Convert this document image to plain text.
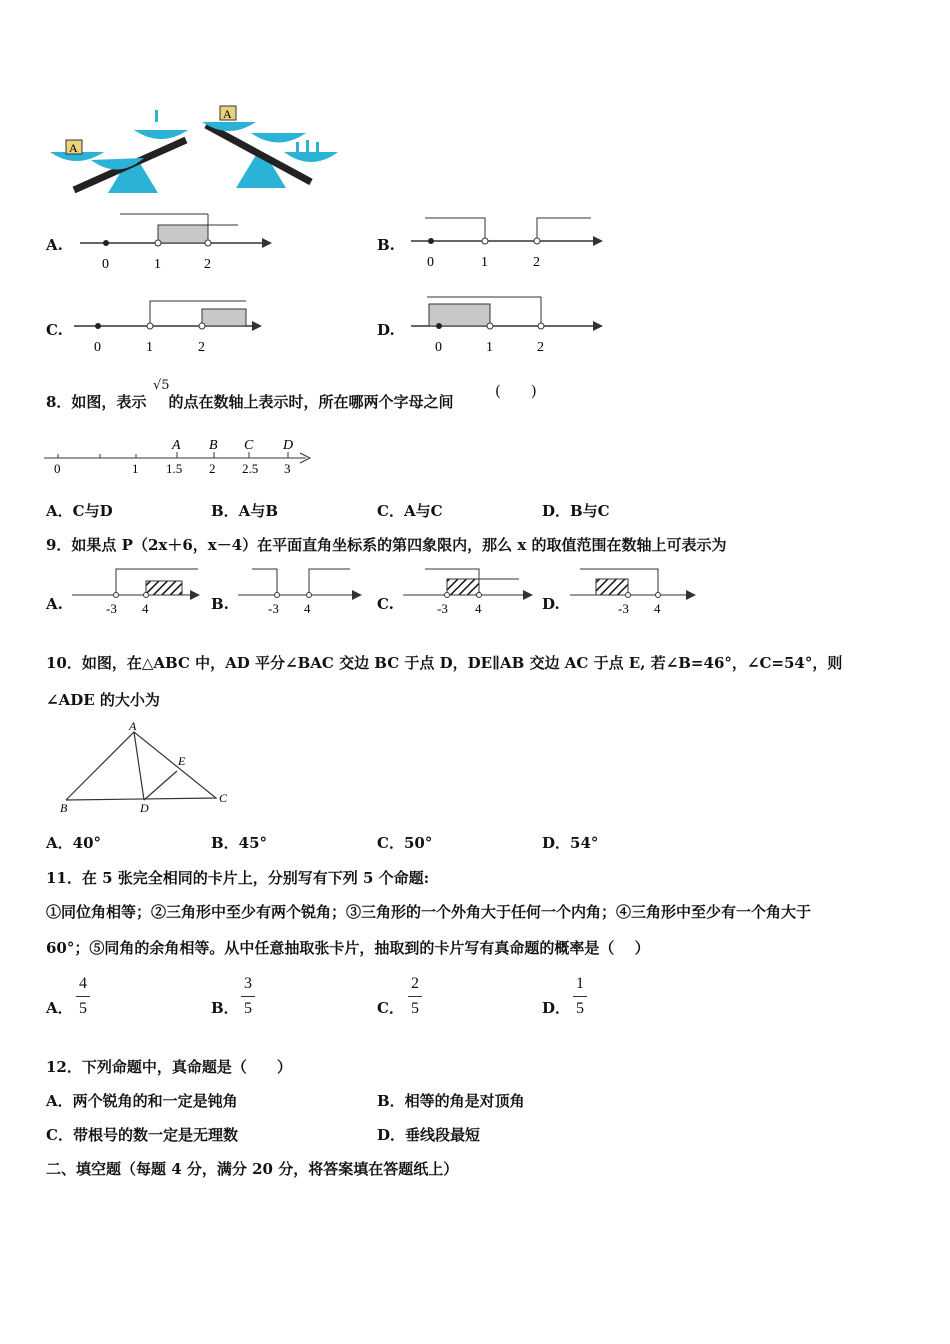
A
A
A.
0	1	2
B.
0	1	2
C.
0	1	2
D.
0	1	2
8．如图，表示 的点在数轴上表示时，所在哪两个字母之间
√5	(　　)
A B C D
0	1 1.5 2 2.5 3
A．C与D	B．A与B	C．A与C	D．B与C
9．如果点 P（2x＋6，x－4）在平面直角坐标系的第四象限内，那么 x 的取值范围在数轴上可表示为
A.	-3 4	B.	-3 4	C.	-3 4	D.	-3 4
10．如图，在△ABC 中，AD 平分∠BAC 交边 BC 于点 D，DE∥AB 交边 AC 于点 E, 若∠B=46°，∠C=54°，则
∠ADE 的大小为
A
E
B	D
C
A．40°	B．45°	C．50°	D．54°
11．在 5 张完全相同的卡片上，分别写有下列 5 个命题:
①同位角相等；②三角形中至少有两个锐角；③三角形的一个外角大于任何一个内角；④三角形中至少有一个角大于
60°；⑤同角的余角相等。从中任意抽取张卡片，抽取到的卡片写有真命题的概率是（　 ）
A．
4
5	B．
3
5	C．
2
5	D．
1
5
12．下列命题中，真命题是（　　）
A．两个锐角的和一定是钝角	B．相等的角是对顶角
C．带根号的数一定是无理数	D．垂线段最短
二、填空题（每题 4 分，满分 20 分，将答案填在答题纸上）
